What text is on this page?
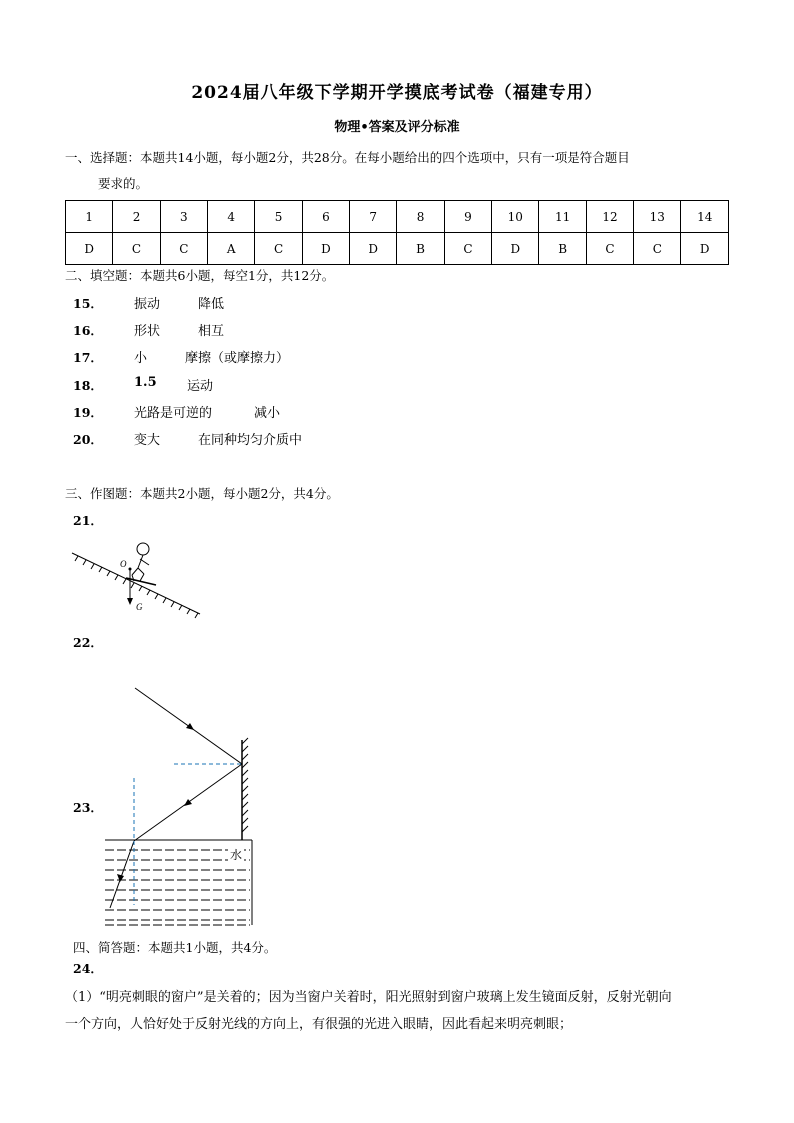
2024届八年级下学期开学摸底考试卷（福建专用）
物理•答案及评分标准
一、选择题：本题共14小题，每小题2分，共28分。在每小题给出的四个选项中，只有一项是符合题目
要求的。
1	2	3	4	5	6	7	8	9	10	11	12	13	14
D	C	C	A	C	D	D	B	C	D	B	C	C	D
二、填空题：本题共6小题，每空1分，共12分。
15． 振动	降低
16． 形状	相互
17． 小	摩擦（或摩擦力）
18． 1.5 运动
19． 光路是可逆的	减小
20． 变大	在同种均匀介质中
三、作图题：本题共2小题，每小题2分，共4分。
21．
O
G
22．
23．
水
四、简答题：本题共1小题，共4分。
24．
（1）“明亮刺眼的窗户”是关着的；因为当窗户关着时，阳光照射到窗户玻璃上发生镜面反射，反射光朝向
一个方向，人恰好处于反射光线的方向上，有很强的光进入眼睛，因此看起来明亮刺眼；
